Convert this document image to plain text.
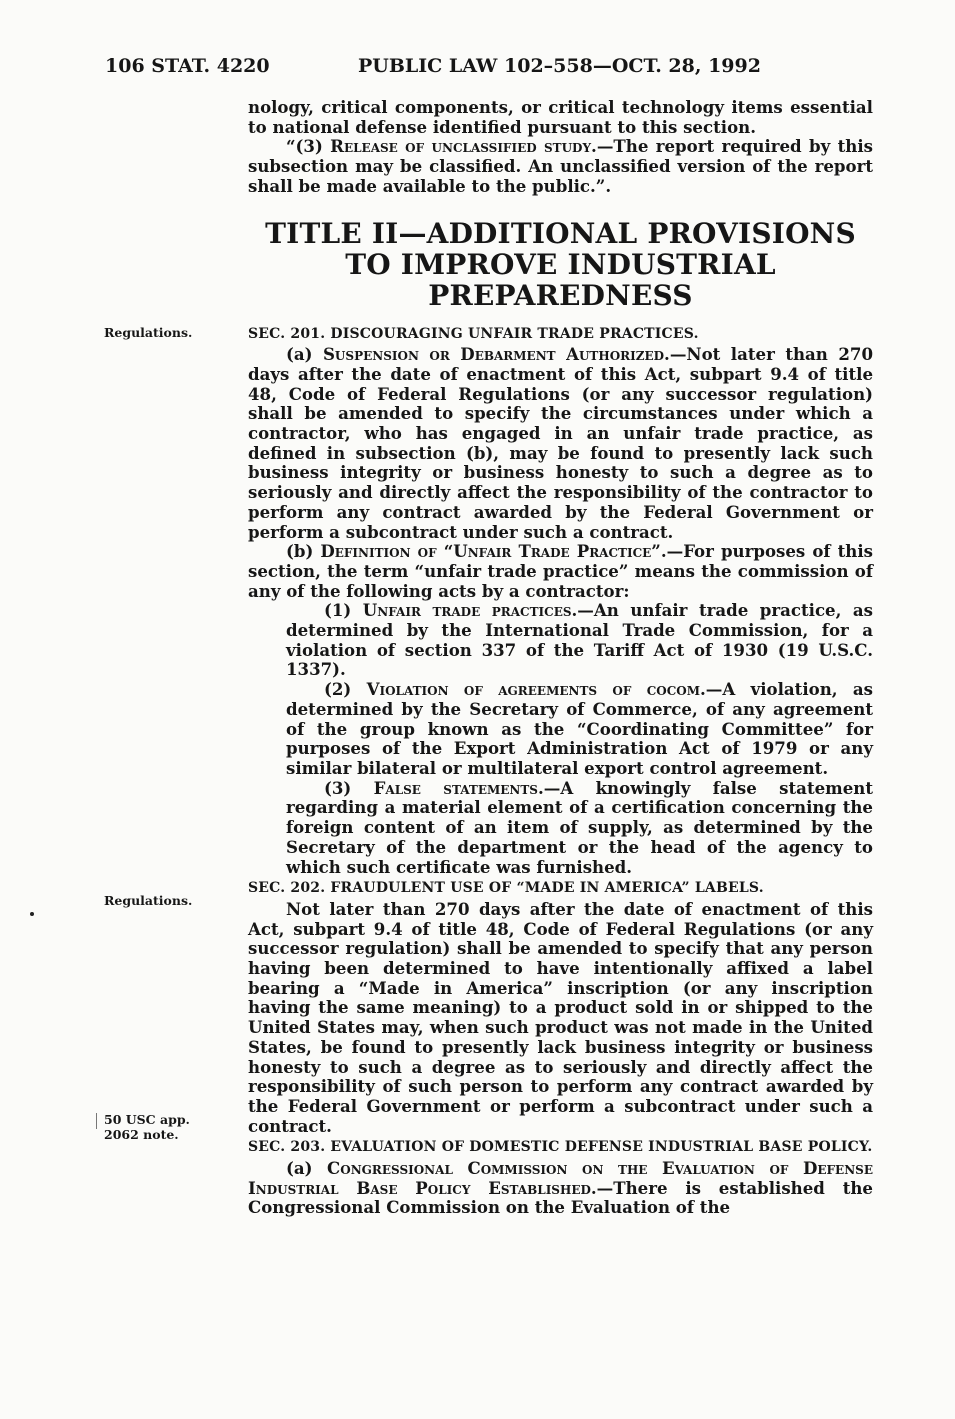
106 STAT. 4220	PUBLIC LAW 102–558—OCT. 28, 1992
Regulations.
Regulations.
50 USC app.
2062 note.

nology, critical components, or critical technology items essential to national defense identified pursuant to this section.

“(3) Release of unclassified study.—The report required by this subsection may be classified. An unclassified version of the report shall be made available to the public.”.

TITLE II—ADDITIONAL PROVISIONS TO IMPROVE INDUSTRIAL PREPAREDNESS
SEC. 201. DISCOURAGING UNFAIR TRADE PRACTICES.

(a) Suspension or Debarment Authorized.—Not later than 270 days after the date of enactment of this Act, subpart 9.4 of title 48, Code of Federal Regulations (or any successor regulation) shall be amended to specify the circumstances under which a contractor, who has engaged in an unfair trade practice, as defined in subsection (b), may be found to presently lack such business integrity or business honesty to such a degree as to seriously and directly affect the responsibility of the contractor to perform any contract awarded by the Federal Government or perform a subcontract under such a contract.

(b) Definition of “Unfair Trade Practice”.—For purposes of this section, the term “unfair trade practice” means the commission of any of the following acts by a contractor:

(1) Unfair trade practices.—An unfair trade practice, as determined by the International Trade Commission, for a violation of section 337 of the Tariff Act of 1930 (19 U.S.C. 1337).

(2) Violation of agreements of cocom.—A violation, as determined by the Secretary of Commerce, of any agreement of the group known as the “Coordinating Committee” for purposes of the Export Administration Act of 1979 or any similar bilateral or multilateral export control agreement.

(3) False statements.—A knowingly false statement regarding a material element of a certification concerning the foreign content of an item of supply, as determined by the Secretary of the department or the head of the agency to which such certificate was furnished.

SEC. 202. FRAUDULENT USE OF “MADE IN AMERICA” LABELS.

Not later than 270 days after the date of enactment of this Act, subpart 9.4 of title 48, Code of Federal Regulations (or any successor regulation) shall be amended to specify that any person having been determined to have intentionally affixed a label bearing a “Made in America” inscription (or any inscription having the same meaning) to a product sold in or shipped to the United States may, when such product was not made in the United States, be found to presently lack business integrity or business honesty to such a degree as to seriously and directly affect the responsibility of such person to perform any contract awarded by the Federal Government or perform a subcontract under such a contract.

SEC. 203. EVALUATION OF DOMESTIC DEFENSE INDUSTRIAL BASE POLICY.

(a) Congressional Commission on the Evaluation of Defense Industrial Base Policy Established.—There is established the Congressional Commission on the Evaluation of the
